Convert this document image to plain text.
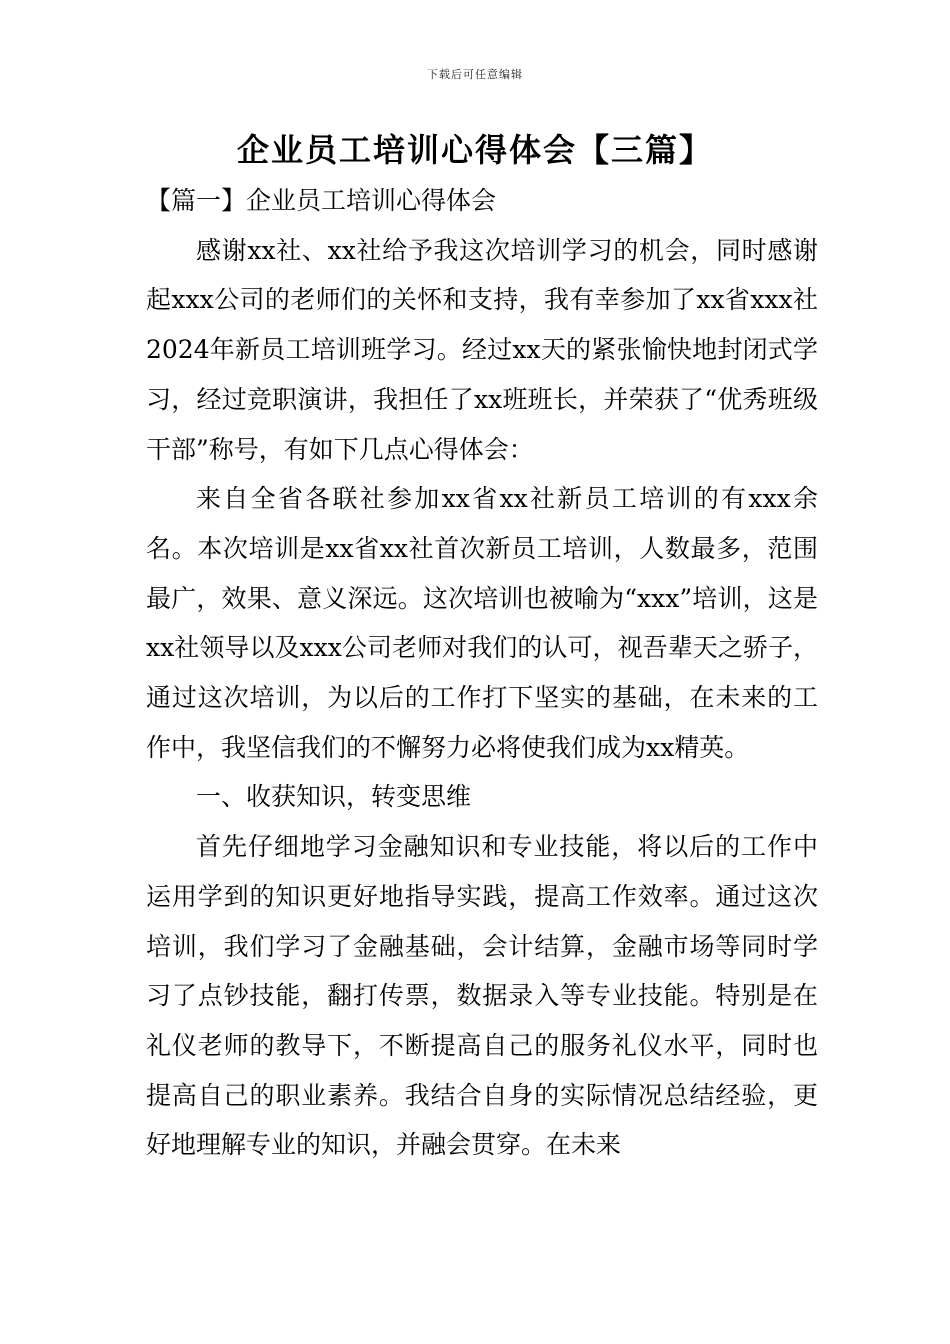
下载后可任意编辑
企业员工培训心得体会【三篇】

【篇一】企业员工培训心得体会

感谢xx社、xx社给予我这次培训学习的机会，同时感谢起xxx公司的老师们的关怀和支持，我有幸参加了xx省xxx社2024年新员工培训班学习。经过xx天的紧张愉快地封闭式学习，经过竞职演讲，我担任了xx班班长，并荣获了“优秀班级干部”称号，有如下几点心得体会：

来自全省各联社参加xx省xx社新员工培训的有xxx余名。本次培训是xx省xx社首次新员工培训，人数最多，范围最广，效果、意义深远。这次培训也被喻为“xxx”培训，这是xx社领导以及xxx公司老师对我们的认可，视吾辈天之骄子，通过这次培训，为以后的工作打下坚实的基础，在未来的工作中，我坚信我们的不懈努力必将使我们成为xx精英。

一、收获知识，转变思维

首先仔细地学习金融知识和专业技能，将以后的工作中运用学到的知识更好地指导实践，提高工作效率。通过这次培训，我们学习了金融基础，会计结算，金融市场等同时学习了点钞技能，翻打传票，数据录入等专业技能。特别是在礼仪老师的教导下，不断提高自己的服务礼仪水平，同时也提高自己的职业素养。我结合自身的实际情况总结经验，更好地理解专业的知识，并融会贯穿。在未来
